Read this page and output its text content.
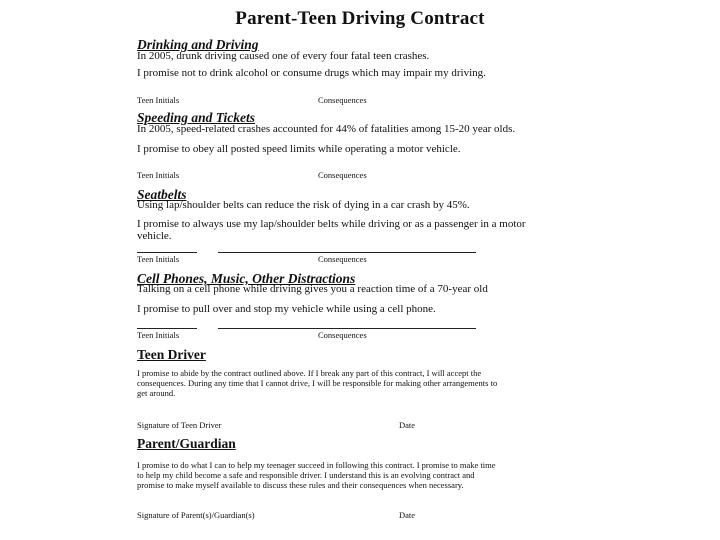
Parent-Teen Driving Contract
Drinking and Driving
In 2005, drunk driving caused one of every four fatal teen crashes.
I promise not to drink alcohol or consume drugs which may impair my driving.
Teen Initials	Consequences
Speeding and Tickets
In 2005, speed-related crashes accounted for 44% of fatalities among 15-20 year olds.
I promise to obey all posted speed limits while operating a motor vehicle.
Teen Initials	Consequences
Seatbelts
Using lap/shoulder belts can reduce the risk of dying in a car crash by 45%.
I promise to always use my lap/shoulder belts while driving or as a passenger in a motor
vehicle.
Teen Initials	Consequences
Cell Phones, Music, Other Distractions
Talking on a cell phone while driving gives you a reaction time of a 70-year old
I promise to pull over and stop my vehicle while using a cell phone.
Teen Initials	Consequences
Teen Driver
I promise to abide by the contract outlined above. If I break any part of this contract, I will accept the
consequences. During any time that I cannot drive, I will be responsible for making other arrangements to
get around.
Signature of Teen Driver	Date
Parent/Guardian
I promise to do what I can to help my teenager succeed in following this contract. I promise to make time
to help my child become a safe and responsible driver. I understand this is an evolving contract and
promise to make myself available to discuss these rules and their consequences when necessary.
Signature of Parent(s)/Guardian(s)	Date
